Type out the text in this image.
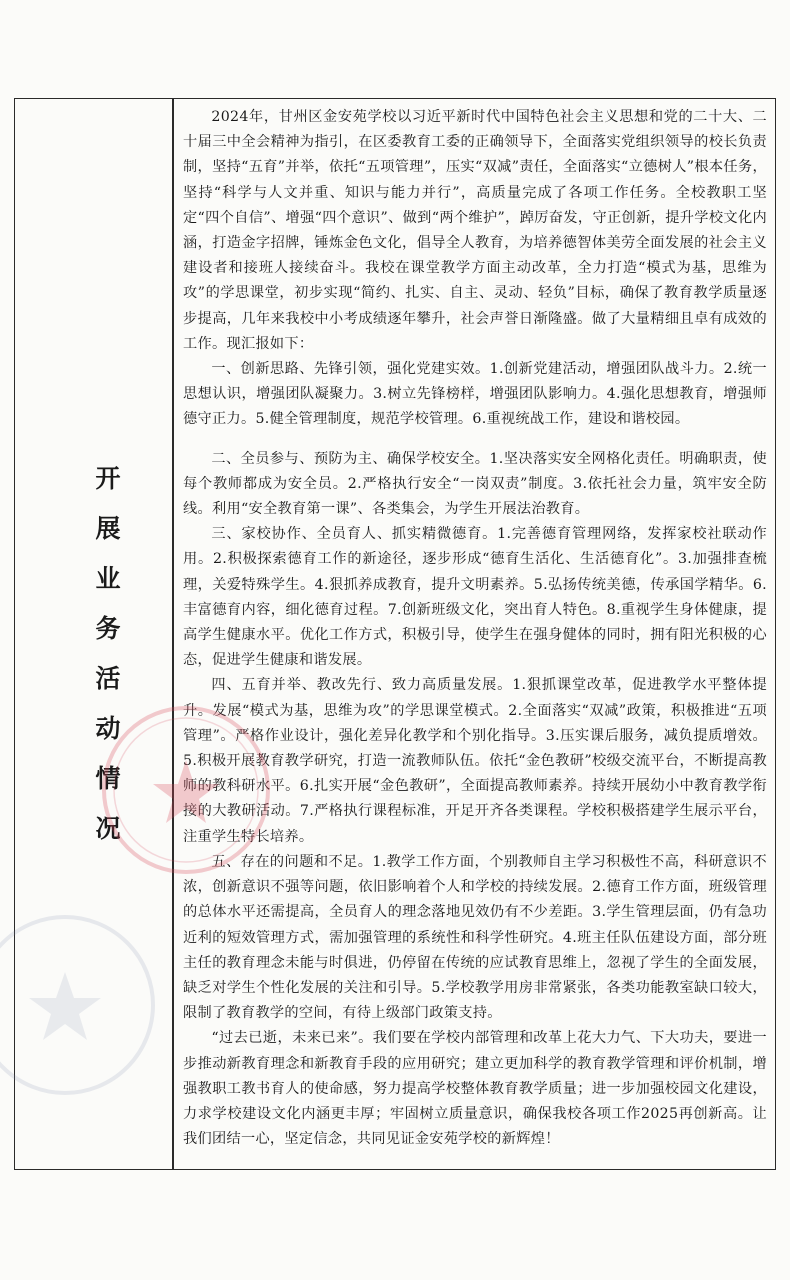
开
展
业
务
活
动
情
况

2024年，甘州区金安苑学校以习近平新时代中国特色社会主义思想和党的二十大、二十届三中全会精神为指引，在区委教育工委的正确领导下，全面落实党组织领导的校长负责制，坚持“五育”并举，依托“五项管理”，压实“双减”责任，全面落实“立德树人”根本任务，坚持“科学与人文并重、知识与能力并行”，高质量完成了各项工作任务。全校教职工坚定“四个自信”、增强“四个意识”、做到“两个维护”，踔厉奋发，守正创新，提升学校文化内涵，打造金字招牌，锤炼金色文化，倡导全人教育，为培养德智体美劳全面发展的社会主义建设者和接班人接续奋斗。我校在课堂教学方面主动改革，全力打造“模式为基，思维为攻”的学思课堂，初步实现“简约、扎实、自主、灵动、轻负”目标，确保了教育教学质量逐步提高，几年来我校中小考成绩逐年攀升，社会声誉日渐隆盛。做了大量精细且卓有成效的工作。现汇报如下：

一、创新思路、先锋引领，强化党建实效。1.创新党建活动，增强团队战斗力。2.统一思想认识，增强团队凝聚力。3.树立先锋榜样，增强团队影响力。4.强化思想教育，增强师德守正力。5.健全管理制度，规范学校管理。6.重视统战工作，建设和谐校园。

二、全员参与、预防为主、确保学校安全。1.坚决落实安全网格化责任。明确职责，使每个教师都成为安全员。2.严格执行安全“一岗双责”制度。3.依托社会力量，筑牢安全防线。利用“安全教育第一课”、各类集会，为学生开展法治教育。

三、家校协作、全员育人、抓实精微德育。1.完善德育管理网络，发挥家校社联动作用。2.积极探索德育工作的新途径，逐步形成“德育生活化、生活德育化”。3.加强排查梳理，关爱特殊学生。4.狠抓养成教育，提升文明素养。5.弘扬传统美德，传承国学精华。6.丰富德育内容，细化德育过程。7.创新班级文化，突出育人特色。8.重视学生身体健康，提高学生健康水平。优化工作方式，积极引导，使学生在强身健体的同时，拥有阳光积极的心态，促进学生健康和谐发展。

四、五育并举、教改先行、致力高质量发展。1.狠抓课堂改革，促进教学水平整体提升。发展“模式为基，思维为攻”的学思课堂模式。2.全面落实“双减”政策，积极推进“五项管理”。严格作业设计，强化差异化教学和个别化指导。3.压实课后服务，减负提质增效。5.积极开展教育教学研究，打造一流教师队伍。依托“金色教研”校级交流平台，不断提高教师的教科研水平。6.扎实开展“金色教研”，全面提高教师素养。持续开展幼小中教育教学衔接的大教研活动。7.严格执行课程标准，开足开齐各类课程。学校积极搭建学生展示平台，注重学生特长培养。

五、存在的问题和不足。1.教学工作方面，个别教师自主学习积极性不高，科研意识不浓，创新意识不强等问题，依旧影响着个人和学校的持续发展。2.德育工作方面，班级管理的总体水平还需提高，全员育人的理念落地见效仍有不少差距。3.学生管理层面，仍有急功近利的短效管理方式，需加强管理的系统性和科学性研究。4.班主任队伍建设方面，部分班主任的教育理念未能与时俱进，仍停留在传统的应试教育思维上，忽视了学生的全面发展，缺乏对学生个性化发展的关注和引导。5.学校教学用房非常紧张，各类功能教室缺口较大，限制了教育教学的空间，有待上级部门政策支持。

“过去已逝，未来已来”。我们要在学校内部管理和改革上花大力气、下大功夫，要进一步推动新教育理念和新教育手段的应用研究；建立更加科学的教育教学管理和评价机制，增强教职工教书育人的使命感，努力提高学校整体教育教学质量；进一步加强校园文化建设，力求学校建设文化内涵更丰厚；牢固树立质量意识，确保我校各项工作2025再创新高。让我们团结一心，坚定信念，共同见证金安苑学校的新辉煌！
